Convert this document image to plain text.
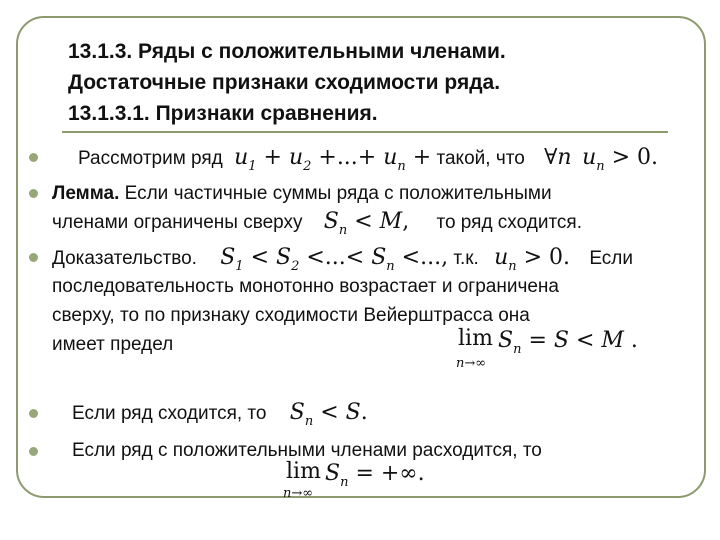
13.1.3. Ряды с положительными членами.
Достаточные признаки сходимости ряда.
13.1.3.1. Признаки сравнения.
Рассмотрим ряд $u_1 + u_2$ +...+ $u_n$ + такой, что ∀n $u_n > 0$.
Лемма. Если частичные суммы ряда с положительными
членами ограничены сверху $S_n < M$, то ряд сходится.
Доказательство. $S_1 < S_2$ <...< $S_n$ <..., т.к. $u_n > 0$. Если
последовательность монотонно возрастает и ограничена
сверху, то по признаку сходимости Вейерштрасса она
имеет предел	$\lim S_n = S < M$ .
n→∞
Если ряд сходится, то $S_n < S$.
Если ряд с положительными членами расходится, то
$\lim S_n$ = +∞.
n→∞
